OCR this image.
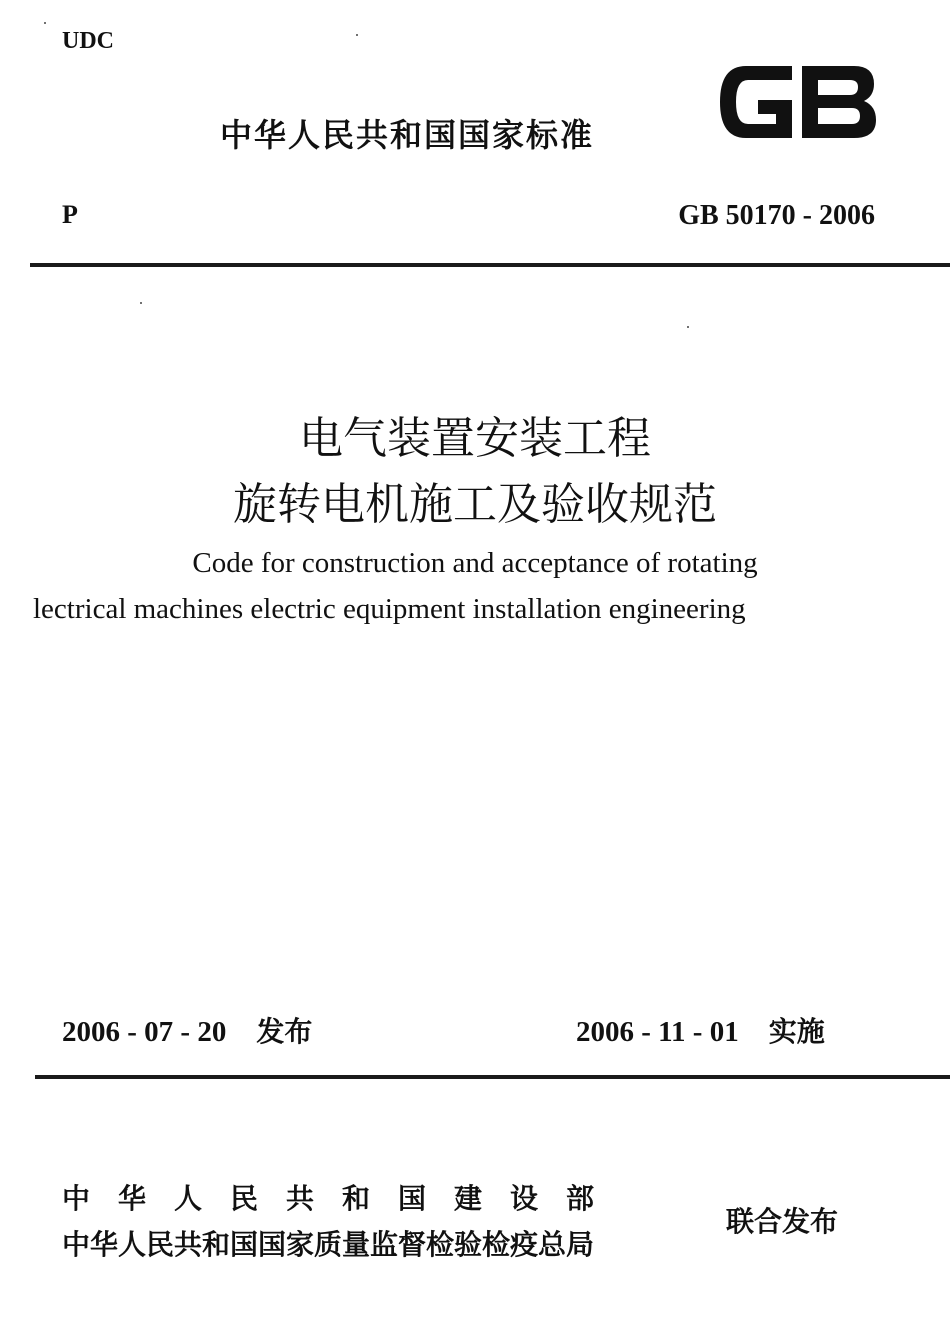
UDC
中华人民共和国国家标准
P	GB 50170 - 2006
电气装置安装工程
旋转电机施工及验收规范
Code for construction and acceptance of rotating
lectrical machines electric equipment installation engineering
2006 - 07 - 20 发布	2006 - 11 - 01 实施
中华人民共和国建设部
中华人民共和国国家质量监督检验检疫总局
联合发布
